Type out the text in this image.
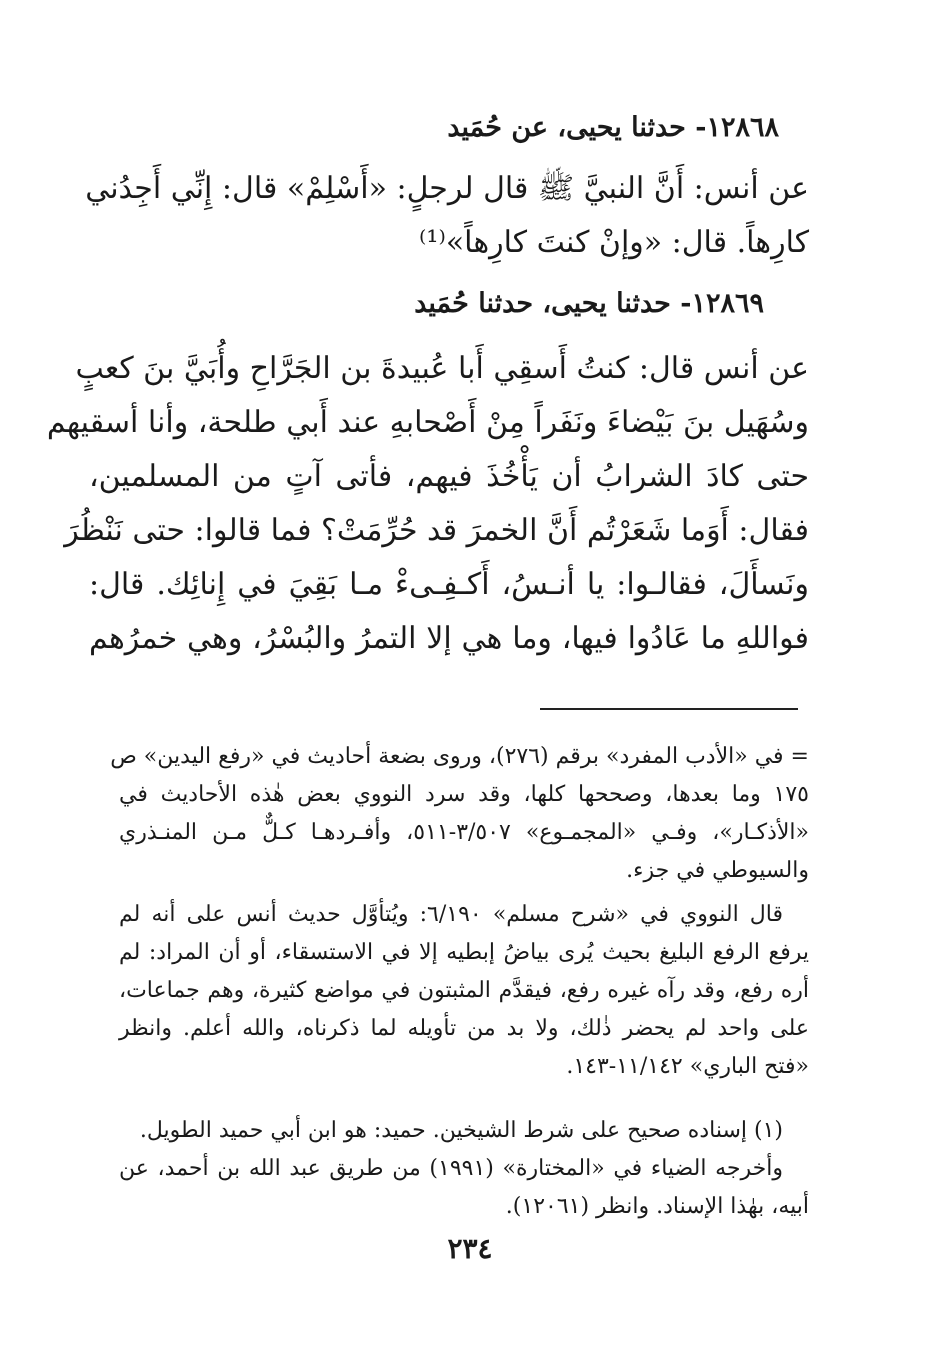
١٢٨٦٨- حدثنا يحيى، عن حُمَيد
عن أنس: أَنَّ النبيَّ ﷺ قال لرجلٍ: «أَسْلِمْ» قال: إِنِّي أَجِدُني
كارِهاً. قال: «وإنْ كنتَ كارِهاً»⁽¹⁾
١٢٨٦٩- حدثنا يحيى، حدثنا حُمَيد
عن أنس قال: كنتُ أَسقِي أَبا عُبيدةَ بن الجَرَّاحِ وأُبَيَّ بنَ كعبٍ
وسُهَيل بنَ بَيْضاءَ ونَفَراً مِنْ أَصْحابهِ عند أَبي طلحة، وأنا أسقيهم
حتى كادَ الشرابُ أن يَأْخُذَ فيهم، فأتى آتٍ من المسلمين،
فقال: أَوَما شَعَرْتُم أَنَّ الخمرَ قد حُرِّمَتْ؟ فما قالوا: حتى نَنْظُرَ
ونَسأَلَ، فقالـوا: يا أنـسُ، أَكـفِـىءْ مـا بَقِيَ في إِنائِك. قال:
فواللهِ ما عَادُوا فيها، وما هي إلا التمرُ والبُسْرُ، وهي خمرُهم
= في «الأدب المفرد» برقم (٢٧٦)، وروى بضعة أحاديث في «رفع اليدين» ص
١٧٥ وما بعدها، وصححها كلها، وقد سرد النووي بعض هٰذه الأحاديث في
«الأذكـار»، وفـي «المجمـوع» ٣/٥٠٧-٥١١، وأفـردهـا كـلٌّ مـن المنـذري
والسيوطي في جزء.
قال النووي في «شرح مسلم» ٦/١٩٠: ويُتأوَّل حديث أنس على أنه لم
يرفع الرفع البليغ بحيث يُرى بياضُ إبطيه إلا في الاستسقاء، أو أن المراد: لم
أره رفع، وقد رآه غيره رفع، فيقدَّم المثبتون في مواضع كثيرة، وهم جماعات،
على واحد لم يحضر ذٰلك، ولا بد من تأويله لما ذكرناه، والله أعلم. وانظر
«فتح الباري» ١١/١٤٢-١٤٣.
(١) إسناده صحيح على شرط الشيخين. حميد: هو ابن أبي حميد الطويل.
وأخرجه الضياء في «المختارة» (١٩٩١) من طريق عبد الله بن أحمد، عن
أبيه، بهٰذا الإسناد. وانظر (١٢٠٦١).
٢٣٤
